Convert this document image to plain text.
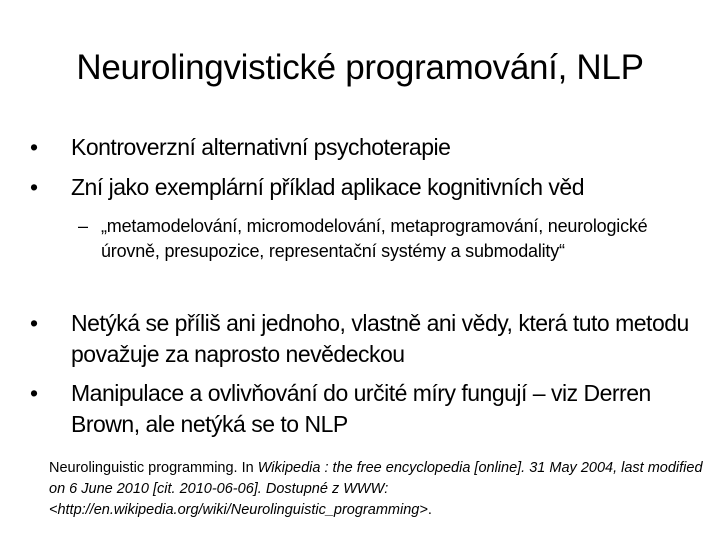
Neurolingvistické programování, NLP
•	Kontroverzní alternativní psychoterapie
•	Zní jako exemplární příklad aplikace kognitivních věd
– „metamodelování, micromodelování, metaprogramování, neurologické úrovně, presupozice, representační systémy a submodality“
•	Netýká se příliš ani jednoho, vlastně ani vědy, která tuto metodu považuje za naprosto nevědeckou
•	Manipulace a ovlivňování do určité míry fungují – viz Derren Brown, ale netýká se to NLP
Neurolinguistic programming. In Wikipedia : the free encyclopedia [online]. 31 May 2004, last modified on 6 June 2010 [cit. 2010-06-06]. Dostupné z WWW: <http://en.wikipedia.org/wiki/Neurolinguistic_programming>.
